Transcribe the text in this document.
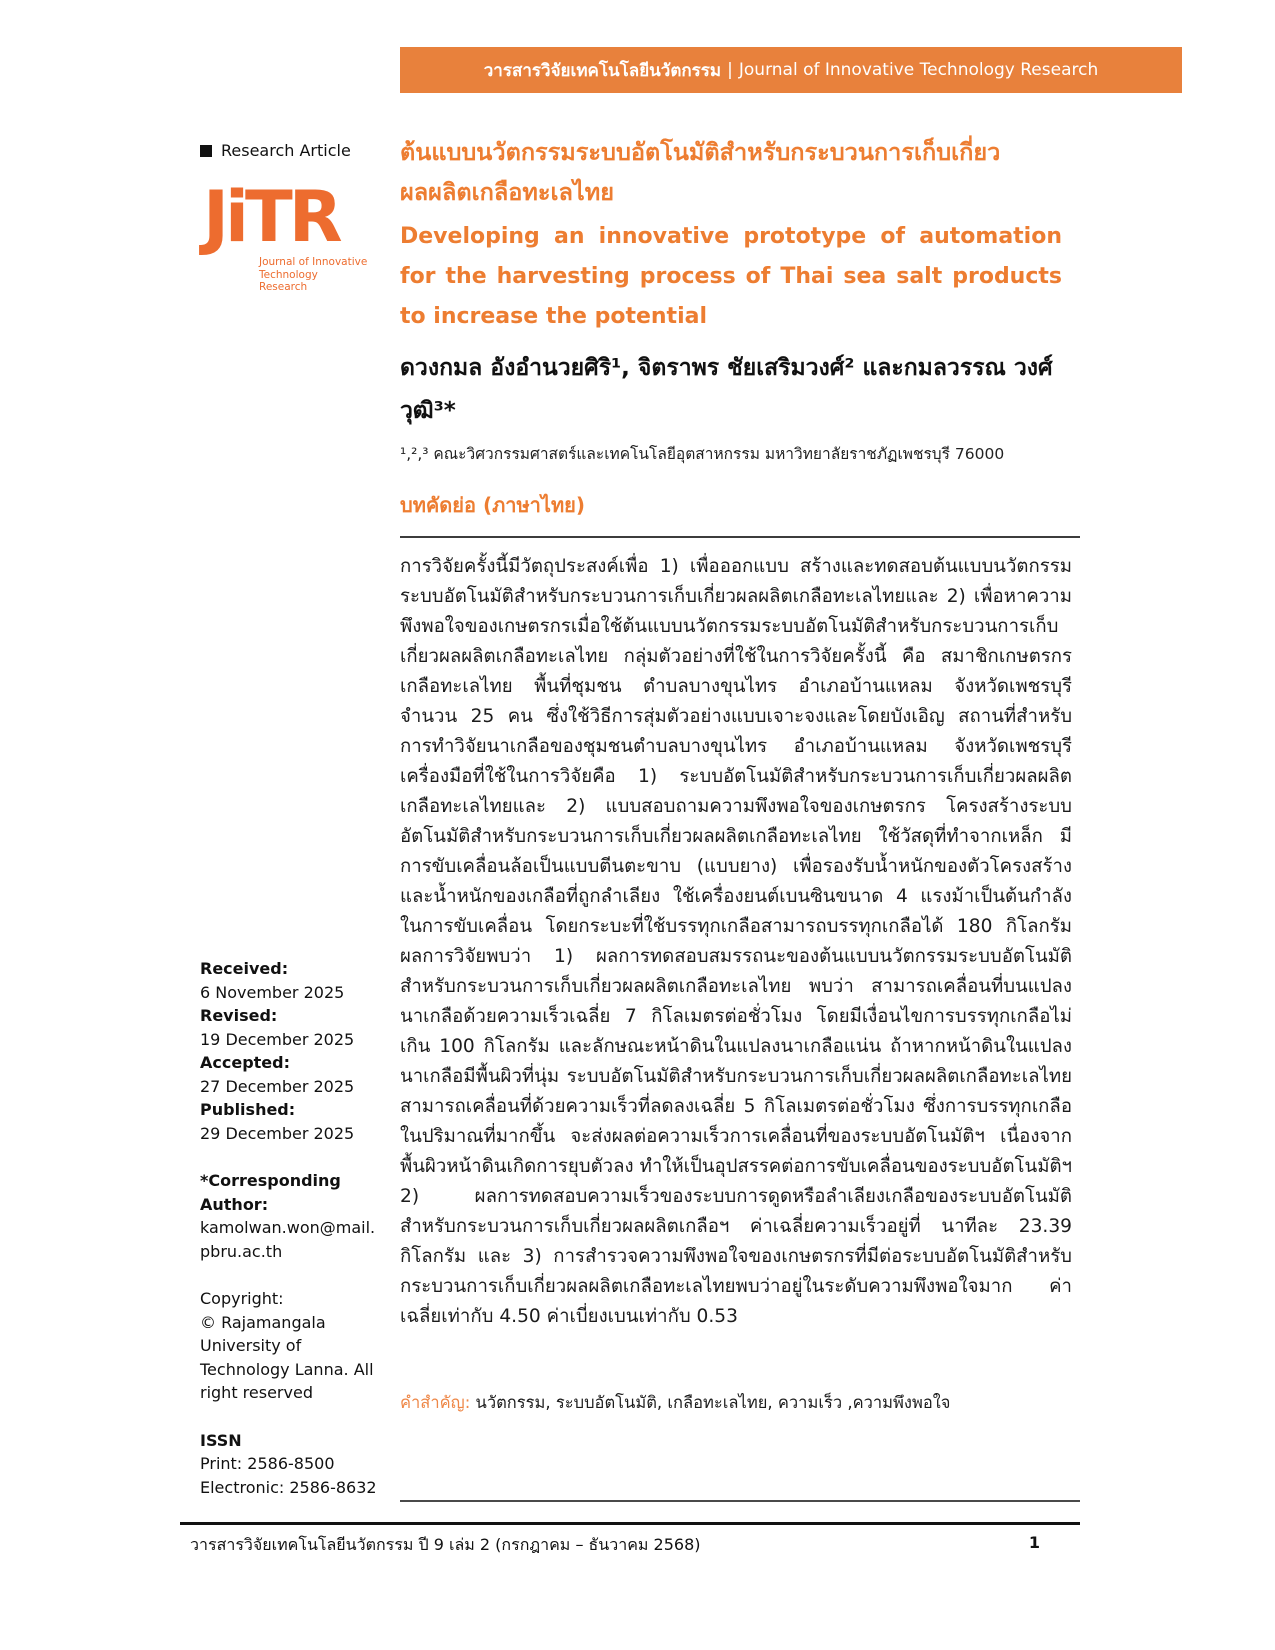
วารสารวิจัยเทคโนโลยีนวัตกรรม | Journal of Innovative Technology Research
Research Article
JiTR
Journal of Innovative
Technology Research
Received:
6 November 2025
Revised:
19 December 2025
Accepted:
27 December 2025
Published:
29 December 2025
*Corresponding Author:
kamolwan.won@mail.pbru.ac.th
Copyright:
© Rajamangala University of Technology Lanna. All right reserved
ISSN
Print: 2586-8500
Electronic: 2586-8632

ต้นแบบนวัตกรรมระบบอัตโนมัติสำหรับกระบวนการเก็บเกี่ยวผลผลิตเกลือทะเลไทย

Developing an innovative prototype of automation for the harvesting process of Thai sea salt products to increase the potential

ดวงกมล อังอำนวยศิริ¹, จิตราพร ชัยเสริมวงศ์² และกมลวรรณ วงศ์วุฒิ³*
¹,²,³ คณะวิศวกรรมศาสตร์และเทคโนโลยีอุตสาหกรรม มหาวิทยาลัยราชภัฏเพชรบุรี 76000
บทคัดย่อ (ภาษาไทย)
การวิจัยครั้งนี้มีวัตถุประสงค์เพื่อ 1) เพื่อออกแบบ สร้างและทดสอบต้นแบบนวัตกรรมระบบอัตโนมัติสำหรับกระบวนการเก็บเกี่ยวผลผลิตเกลือทะเลไทยและ 2) เพื่อหาความพึงพอใจของเกษตรกรเมื่อใช้ต้นแบบนวัตกรรมระบบอัตโนมัติสำหรับกระบวนการเก็บเกี่ยวผลผลิตเกลือทะเลไทย กลุ่มตัวอย่างที่ใช้ในการวิจัยครั้งนี้ คือ สมาชิกเกษตรกรเกลือทะเลไทย พื้นที่ชุมชน ตำบลบางขุนไทร อำเภอบ้านแหลม จังหวัดเพชรบุรี จำนวน 25 คน ซึ่งใช้วิธีการสุ่มตัวอย่างแบบเจาะจงและโดยบังเอิญ สถานที่สำหรับการทำวิจัยนาเกลือของชุมชนตำบลบางขุนไทร อำเภอบ้านแหลม จังหวัดเพชรบุรี เครื่องมือที่ใช้ในการวิจัยคือ 1) ระบบอัตโนมัติสำหรับกระบวนการเก็บเกี่ยวผลผลิตเกลือทะเลไทยและ 2) แบบสอบถามความพึงพอใจของเกษตรกร โครงสร้างระบบอัตโนมัติสำหรับกระบวนการเก็บเกี่ยวผลผลิตเกลือทะเลไทย ใช้วัสดุที่ทำจากเหล็ก มีการขับเคลื่อนล้อเป็นแบบตีนตะขาบ (แบบยาง) เพื่อรองรับน้ำหนักของตัวโครงสร้างและน้ำหนักของเกลือที่ถูกลำเลียง ใช้เครื่องยนต์เบนซินขนาด 4 แรงม้าเป็นต้นกำลังในการขับเคลื่อน โดยกระบะที่ใช้บรรทุกเกลือสามารถบรรทุกเกลือได้ 180 กิโลกรัม ผลการวิจัยพบว่า 1) ผลการทดสอบสมรรถนะของต้นแบบนวัตกรรมระบบอัตโนมัติสำหรับกระบวนการเก็บเกี่ยวผลผลิตเกลือทะเลไทย พบว่า สามารถเคลื่อนที่บนแปลงนาเกลือด้วยความเร็วเฉลี่ย 7 กิโลเมตรต่อชั่วโมง โดยมีเงื่อนไขการบรรทุกเกลือไม่เกิน 100 กิโลกรัม และลักษณะหน้าดินในแปลงนาเกลือแน่น ถ้าหากหน้าดินในแปลงนาเกลือมีพื้นผิวที่นุ่ม ระบบอัตโนมัติสำหรับกระบวนการเก็บเกี่ยวผลผลิตเกลือทะเลไทยสามารถเคลื่อนที่ด้วยความเร็วที่ลดลงเฉลี่ย 5 กิโลเมตรต่อชั่วโมง ซึ่งการบรรทุกเกลือในปริมาณที่มากขึ้น จะส่งผลต่อความเร็วการเคลื่อนที่ของระบบอัตโนมัติฯ เนื่องจากพื้นผิวหน้าดินเกิดการยุบตัวลง ทำให้เป็นอุปสรรคต่อการขับเคลื่อนของระบบอัตโนมัติฯ 2) ผลการทดสอบความเร็วของระบบการดูดหรือลำเลียงเกลือของระบบอัตโนมัติสำหรับกระบวนการเก็บเกี่ยวผลผลิตเกลือฯ ค่าเฉลี่ยความเร็วอยู่ที่ นาทีละ 23.39 กิโลกรัม และ 3) การสำรวจความพึงพอใจของเกษตรกรที่มีต่อระบบอัตโนมัติสำหรับกระบวนการเก็บเกี่ยวผลผลิตเกลือทะเลไทยพบว่าอยู่ในระดับความพึงพอใจมาก ค่าเฉลี่ยเท่ากับ 4.50 ค่าเบี่ยงเบนเท่ากับ 0.53
คำสำคัญ: นวัตกรรม, ระบบอัตโนมัติ, เกลือทะเลไทย, ความเร็ว ,ความพึงพอใจ
วารสารวิจัยเทคโนโลยีนวัตกรรม ปี 9 เล่ม 2 (กรกฎาคม – ธันวาคม 2568)	1
